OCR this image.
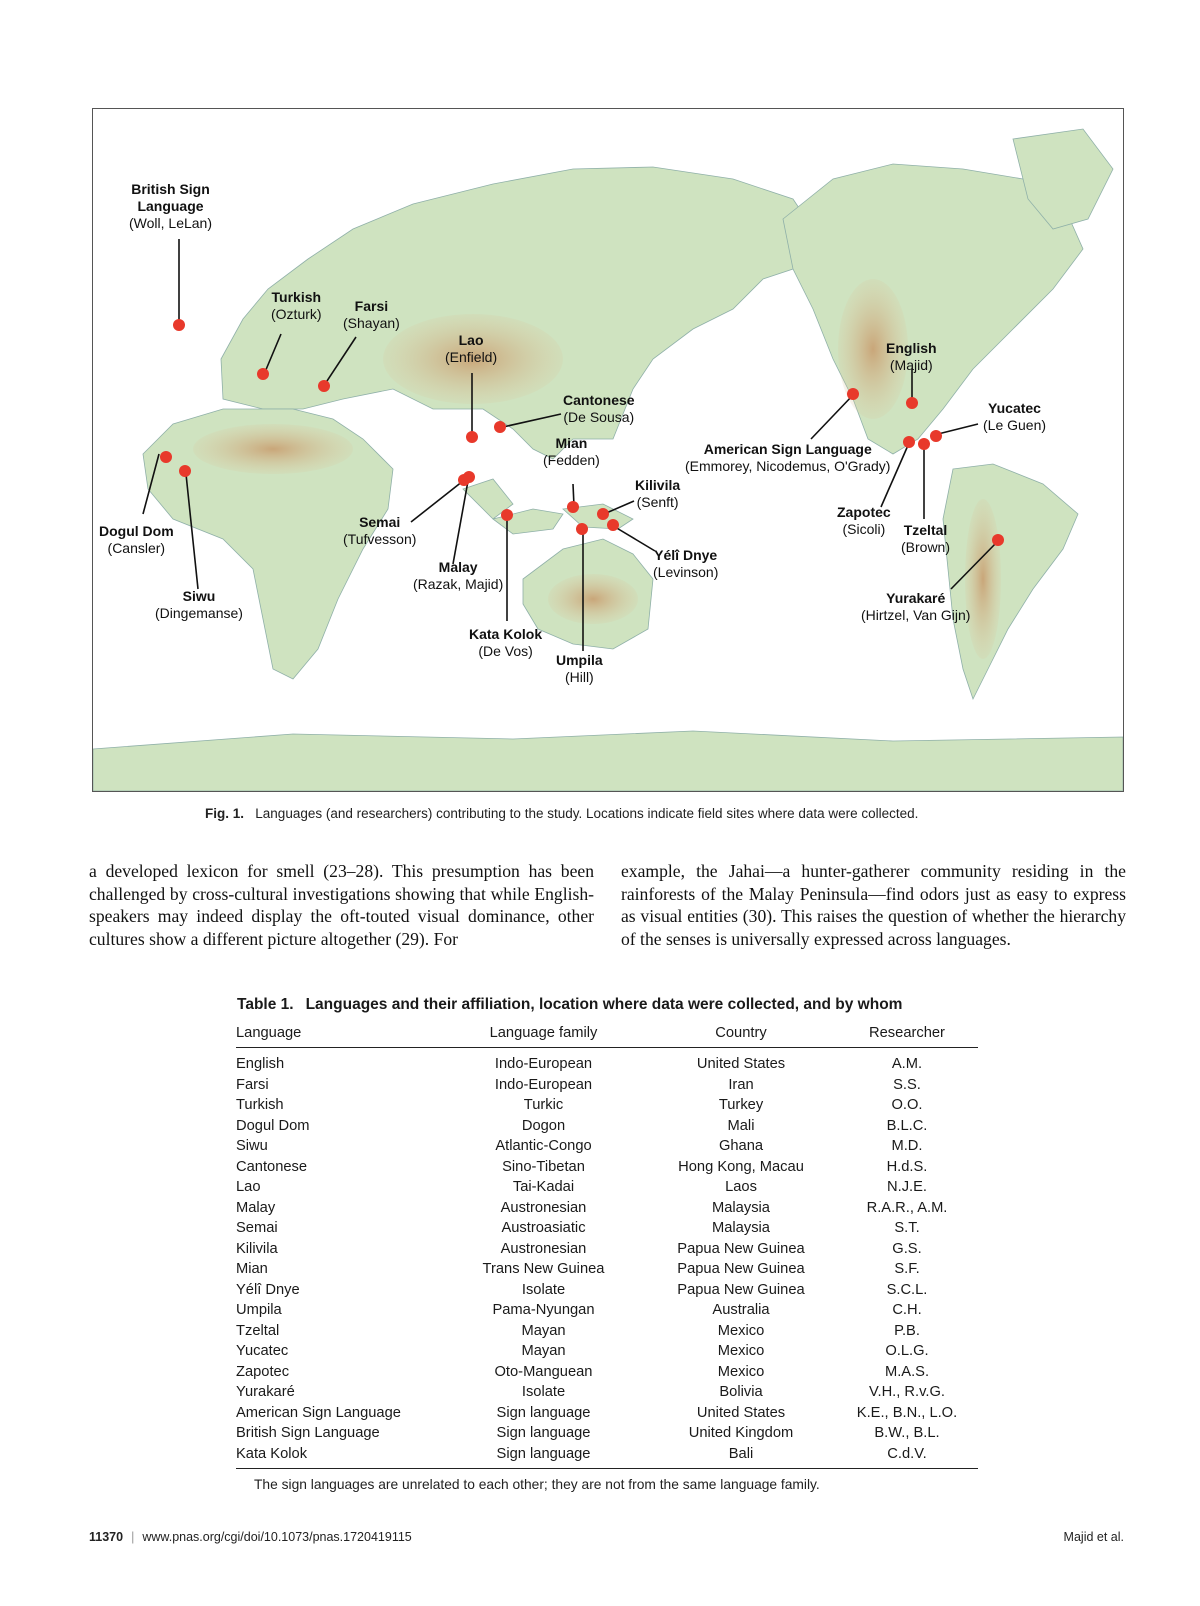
British Sign
Language
(Woll, LeLan)
Turkish
(Ozturk)	Farsi
(Shayan)
Lao
(Enfield)
Cantonese
(De Sousa)
Mian
(Fedden)
Kilivila
(Senft)
Dogul Dom
(Cansler)
Siwu
(Dingemanse)
Semai
(Tufvesson)
Malay
(Razak, Majid)
Kata Kolok
(De Vos)
Umpila
(Hill)
Yélî Dnye
(Levinson)
English
(Majid)
Yucatec
(Le Guen)
American Sign Language
(Emmorey, Nicodemus, O'Grady)
Zapotec
(Sicoli)	Tzeltal
(Brown)
Yurakaré
(Hirtzel, Van Gijn)
Fig. 1. Languages (and researchers) contributing to the study. Locations indicate field sites where data were collected.
a developed lexicon for smell (23–28). This presumption has been challenged by cross-cultural investigations showing that while English-speakers may indeed display the oft-touted visual dominance, other cultures show a different picture altogether (29). For
example, the Jahai—a hunter-gatherer community residing in the rainforests of the Malay Peninsula—find odors just as easy to express as visual entities (30). This raises the question of whether the hierarchy of the senses is universally expressed across languages.
Table 1. Languages and their affiliation, location where data were collected, and by whom
Language	Language family	Country	Researcher
English	Indo-European	United States	A.M.
Farsi	Indo-European	Iran	S.S.
Turkish	Turkic	Turkey	O.O.
Dogul Dom	Dogon	Mali	B.L.C.
Siwu	Atlantic-Congo	Ghana	M.D.
Cantonese	Sino-Tibetan	Hong Kong, Macau	H.d.S.
Lao	Tai-Kadai	Laos	N.J.E.
Malay	Austronesian	Malaysia	R.A.R., A.M.
Semai	Austroasiatic	Malaysia	S.T.
Kilivila	Austronesian	Papua New Guinea	G.S.
Mian	Trans New Guinea	Papua New Guinea	S.F.
Yélî Dnye	Isolate	Papua New Guinea	S.C.L.
Umpila	Pama-Nyungan	Australia	C.H.
Tzeltal	Mayan	Mexico	P.B.
Yucatec	Mayan	Mexico	O.L.G.
Zapotec	Oto-Manguean	Mexico	M.A.S.
Yurakaré	Isolate	Bolivia	V.H., R.v.G.
American Sign Language	Sign language	United States	K.E., B.N., L.O.
British Sign Language	Sign language	United Kingdom	B.W., B.L.
Kata Kolok	Sign language	Bali	C.d.V.
The sign languages are unrelated to each other; they are not from the same language family.
11370 | www.pnas.org/cgi/doi/10.1073/pnas.1720419115	Majid et al.
